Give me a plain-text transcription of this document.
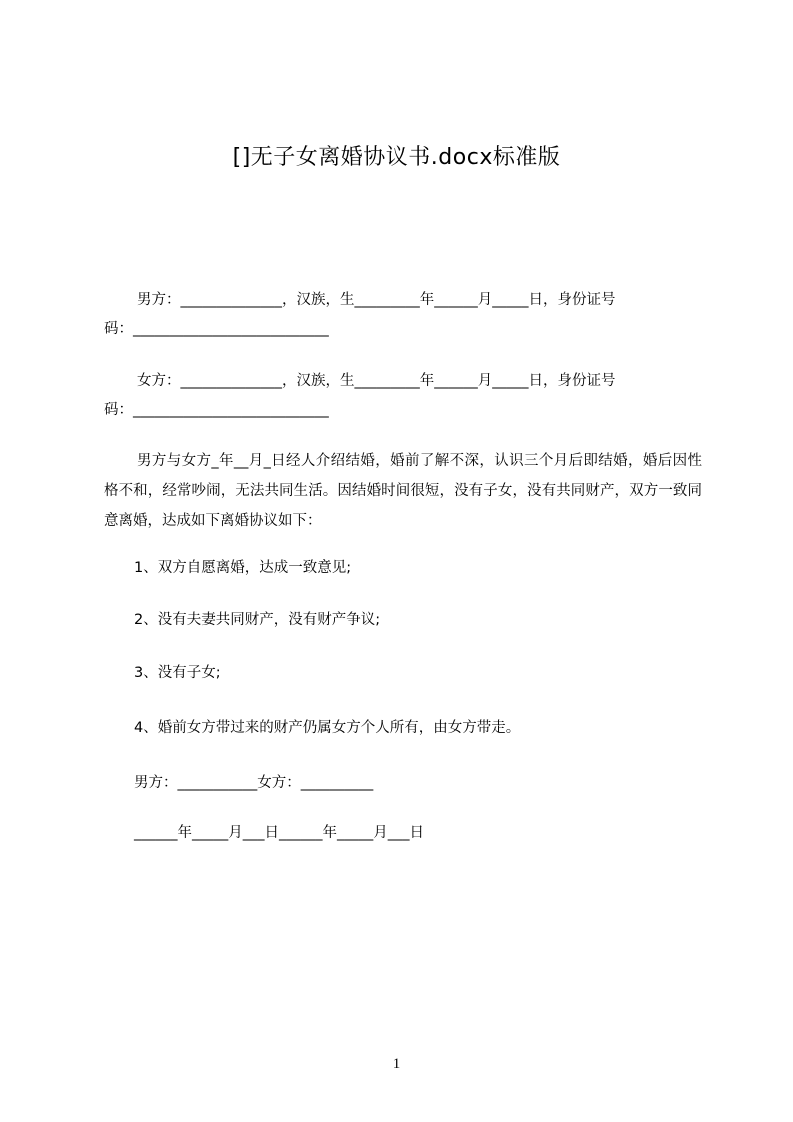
[]无子女离婚协议书.docx标准版
男方：______________，汉族，生_________年______月_____日，身份证号
码：___________________________
女方：______________，汉族，生_________年______月_____日，身份证号
码：___________________________
男方与女方_年__月_日经人介绍结婚，婚前了解不深，认识三个月后即结婚，婚后因性格不和，经常吵闹，无法共同生活。因结婚时间很短，没有子女，没有共同财产，双方一致同意离婚，达成如下离婚协议如下：
1、双方自愿离婚，达成一致意见;
2、没有夫妻共同财产，没有财产争议;
3、没有子女;
4、婚前女方带过来的财产仍属女方个人所有，由女方带走。
男方：___________女方：__________
______年_____月___日______年_____月___日
1
